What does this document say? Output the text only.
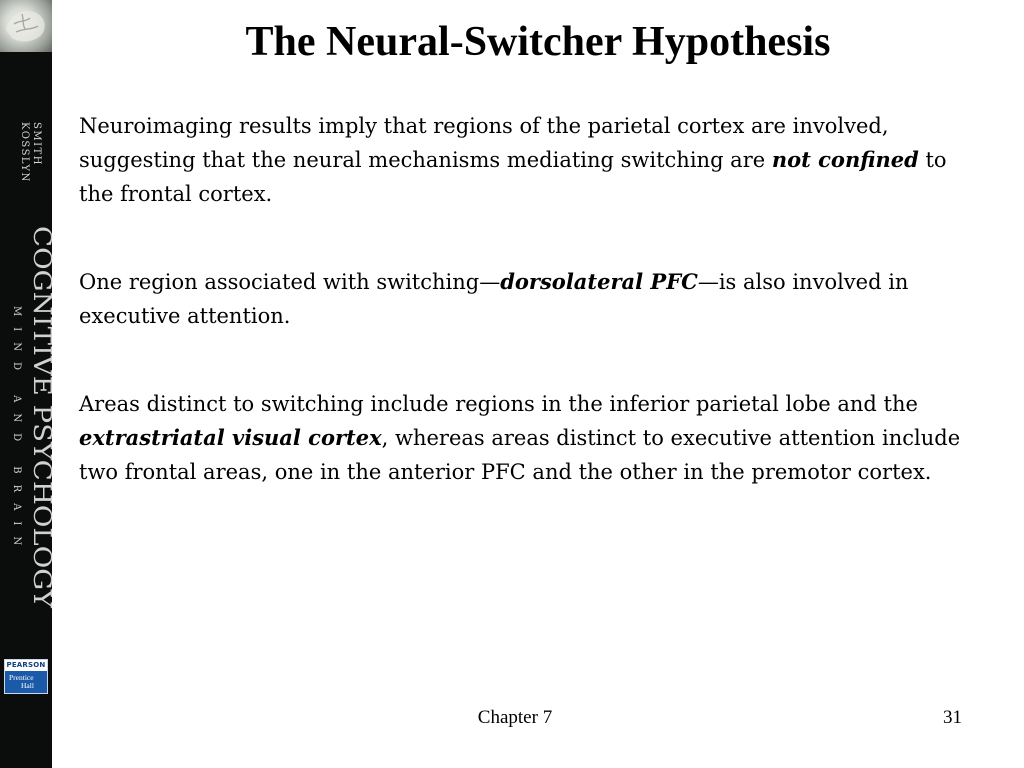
SMITH
KOSSLYN
COGNITIVE PSYCHOLOGY
MIND AND BRAIN
PEARSON
Prentice
Hall
The Neural-Switcher Hypothesis

Neuroimaging results imply that regions of the parietal cortex are involved, suggesting that the neural mechanisms mediating switching are not confined to the frontal cortex.

One region associated with switching—dorsolateral PFC—is also involved in executive attention.

Areas distinct to switching include regions in the inferior parietal lobe and the extrastriatal visual cortex, whereas areas distinct to executive attention include two frontal areas, one in the anterior PFC and the other in the premotor cortex.

Chapter 7	31
